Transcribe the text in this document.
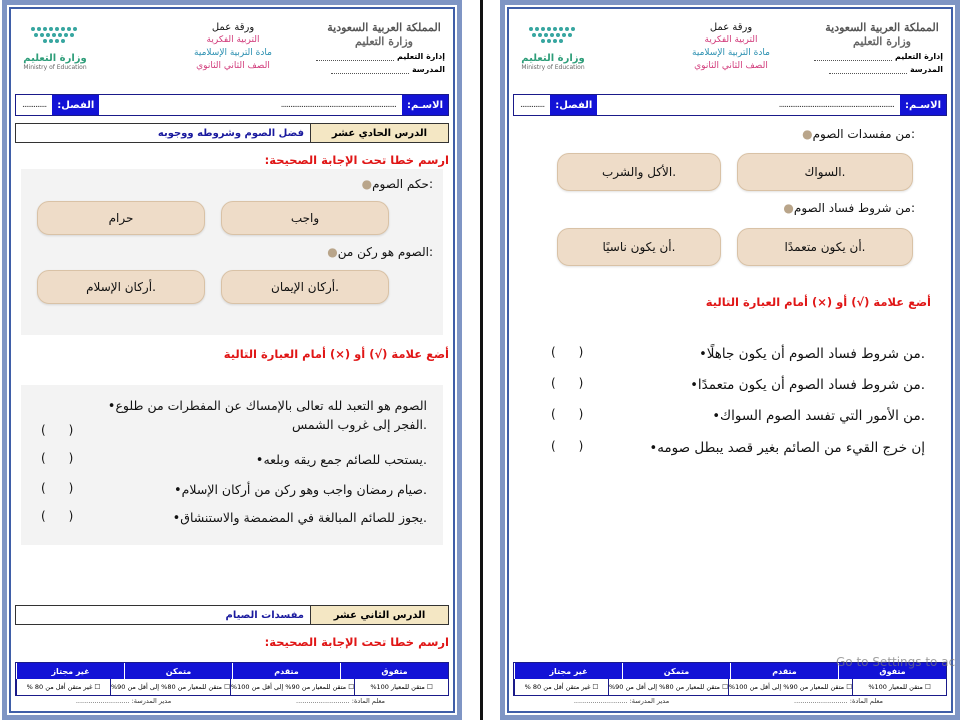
وزارة التعليم
Ministry of Education
ورقة عمل
التربية الفكرية
مادة التربية الإسلامية
الصف الثاني الثانوي
المملكة العربية السعودية
وزارة التعليم
إدارة التعليم
المدرسة
الاسـم:
..............................................................
الفصل:
.............
الدرس الحادي عشر
فضل الصوم وشروطه ووجوبه
ارسم خطا تحت الإجابة الصحيحة:
●حكم الصوم:
واجب
حرام
●الصوم هو ركن من:
أركان الإيمان.
أركان الإسلام.
أضع علامة (√) أو (×) أمام العبارة التالية
•الصوم هو التعبد لله تعالى بالإمساك عن المفطرات من طلوع الفجر إلى غروب الشمس.
(      )
•يستحب للصائم جمع ريقه وبلعه.
(      )
•صيام رمضان واجب وهو ركن من أركان الإسلام.
(      )
•يجوز للصائم المبالغة في المضمضة والاستنشاق.
(      )
الدرس الثاني عشر
مفسدات الصيام
ارسم خطا تحت الإجابة الصحيحة:
متفوق
متقدم
متمكن
غير مجتاز
☐ متقن للمعيار 100%
☐ متقن للمعيار من 90% إلى أقل من 100%
☐ متقن للمعيار من 80% إلى أقل من 90%
☐ غير متقن أقل من 80 %
معلم المادة: ..........................
مدير المدرسة: ..........................
وزارة التعليم
Ministry of Education
ورقة عمل
التربية الفكرية
مادة التربية الإسلامية
الصف الثاني الثانوي
المملكة العربية السعودية
وزارة التعليم
إدارة التعليم
المدرسة
الاسـم:
..............................................................
الفصل:
.............
●من مفسدات الصوم:
السواك.
الأكل والشرب.
●من شروط فساد الصوم:
أن يكون متعمدًا.
أن يكون ناسيًا.
أضع علامة (√) أو (×) أمام العبارة التالية
•من شروط فساد الصوم أن يكون جاهلًا.
(      )
•من شروط فساد الصوم أن يكون متعمدًا.
(      )
•من الأمور التي تفسد الصوم السواك.
(      )
•إن خرج القيء من الصائم بغير قصد يبطل صومه
(      )
متفوق
متقدم
متمكن
غير مجتاز
☐ متقن للمعيار 100%
☐ متقن للمعيار من 90% إلى أقل من 100%
☐ متقن للمعيار من 80% إلى أقل من 90%
☐ غير متقن أقل من 80 %
معلم المادة: ..........................
مدير المدرسة: ..........................
Go to Settings to ac
